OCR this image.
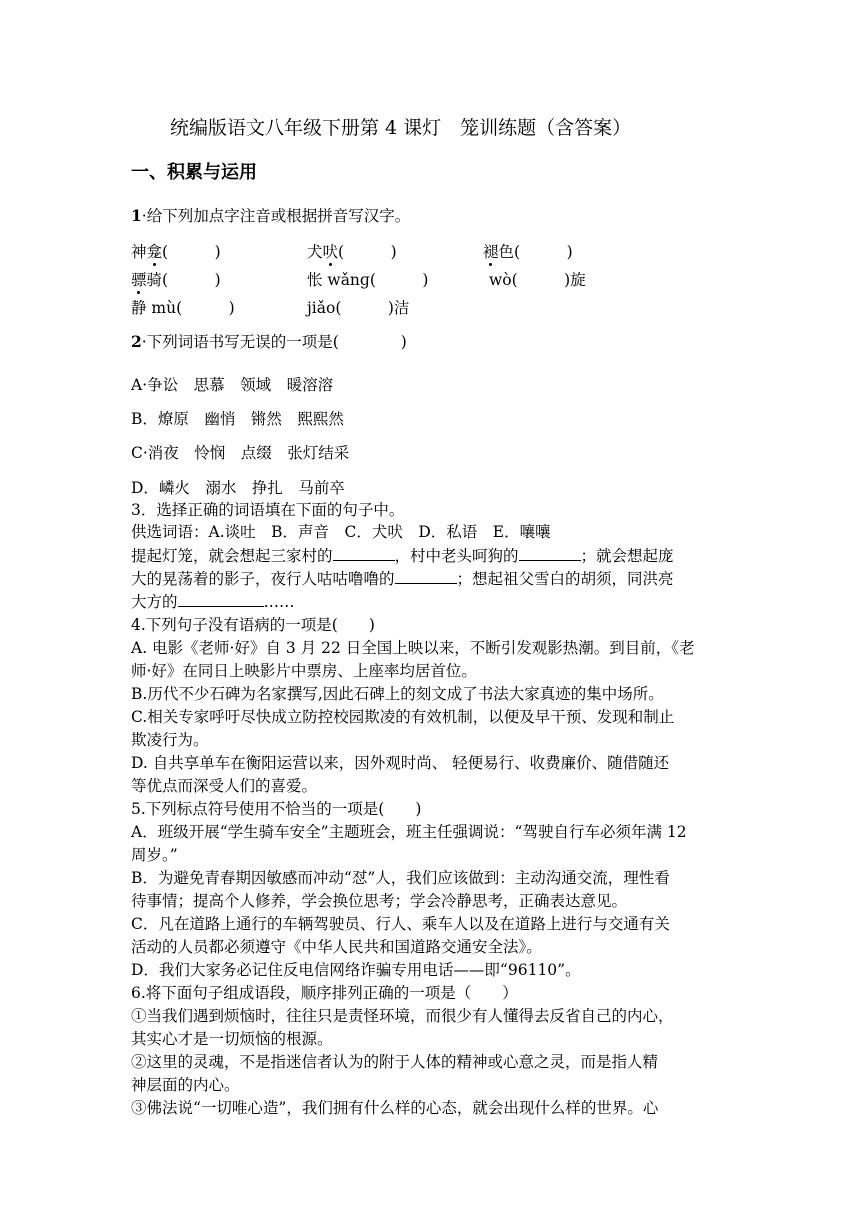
统编版语文八年级下册第 4 课灯　笼训练题（含答案）
一、积累与运用
1·给下列加点字注音或根据拼音写汉字。
神龛(　　　)	犬吠(　　　)	褪色(　　　)
骠骑(　　　)	怅 wǎnɡ(　　　)	wò(　　　)旋
静 mù(　　　)	jiǎo(　　　)洁
2·下列词语书写无误的一项是(　　　　)
A·争讼　思慕　领域　暖溶溶
B．燎原　幽悄　锵然　熙熙然
C·消夜　怜悯　点缀　张灯结采
D．嶙火　溺水　挣扎　马前卒
3．选择正确的词语填在下面的句子中。
供选词语：A.谈吐　B．声音　C．犬吠　D．私语　E．嚷嚷
提起灯笼，就会想起三家村的	，村中老头呵狗的	；就会想起庞
大的晃荡着的影子，夜行人咕咕噜噜的	；想起祖父雪白的胡须，同洪亮
大方的	……
4.下列句子没有语病的一项是(　　)
A. 电影《老师·好》自 3 月 22 日全国上映以来，不断引发观影热潮。到目前，《老
师·好》在同日上映影片中票房、上座率均居首位。
B.历代不少石碑为名家撰写,因此石碑上的刻文成了书法大家真迹的集中场所。
C.相关专家呼吁尽快成立防控校园欺凌的有效机制，以便及早干预、发现和制止
欺凌行为。
D. 自共享单车在衡阳运营以来，因外观时尚、 轻便易行、收费廉价、随借随还
等优点而深受人们的喜爱。
5.下列标点符号使用不恰当的一项是(　　)
A．班级开展“学生骑车安全”主题班会，班主任强调说：“驾驶自行车必须年满 12
周岁。”
B．为避免青春期因敏感而冲动“怼”人，我们应该做到：主动沟通交流，理性看
待事情；提高个人修养，学会换位思考；学会冷静思考，正确表达意见。
C．凡在道路上通行的车辆驾驶员、行人、乘车人以及在道路上进行与交通有关
活动的人员都必须遵守《中华人民共和国道路交通安全法》。
D．我们大家务必记住反电信网络诈骗专用电话——即“96110”。
6.将下面句子组成语段，顺序排列正确的一项是（　　）
①当我们遇到烦恼时，往往只是责怪环境，而很少有人懂得去反省自己的内心，
其实心才是一切烦恼的根源。
②这里的灵魂，不是指迷信者认为的附于人体的精神或心意之灵，而是指人精
神层面的内心。
③佛法说“一切唯心造”，我们拥有什么样的心态，就会出现什么样的世界。心
